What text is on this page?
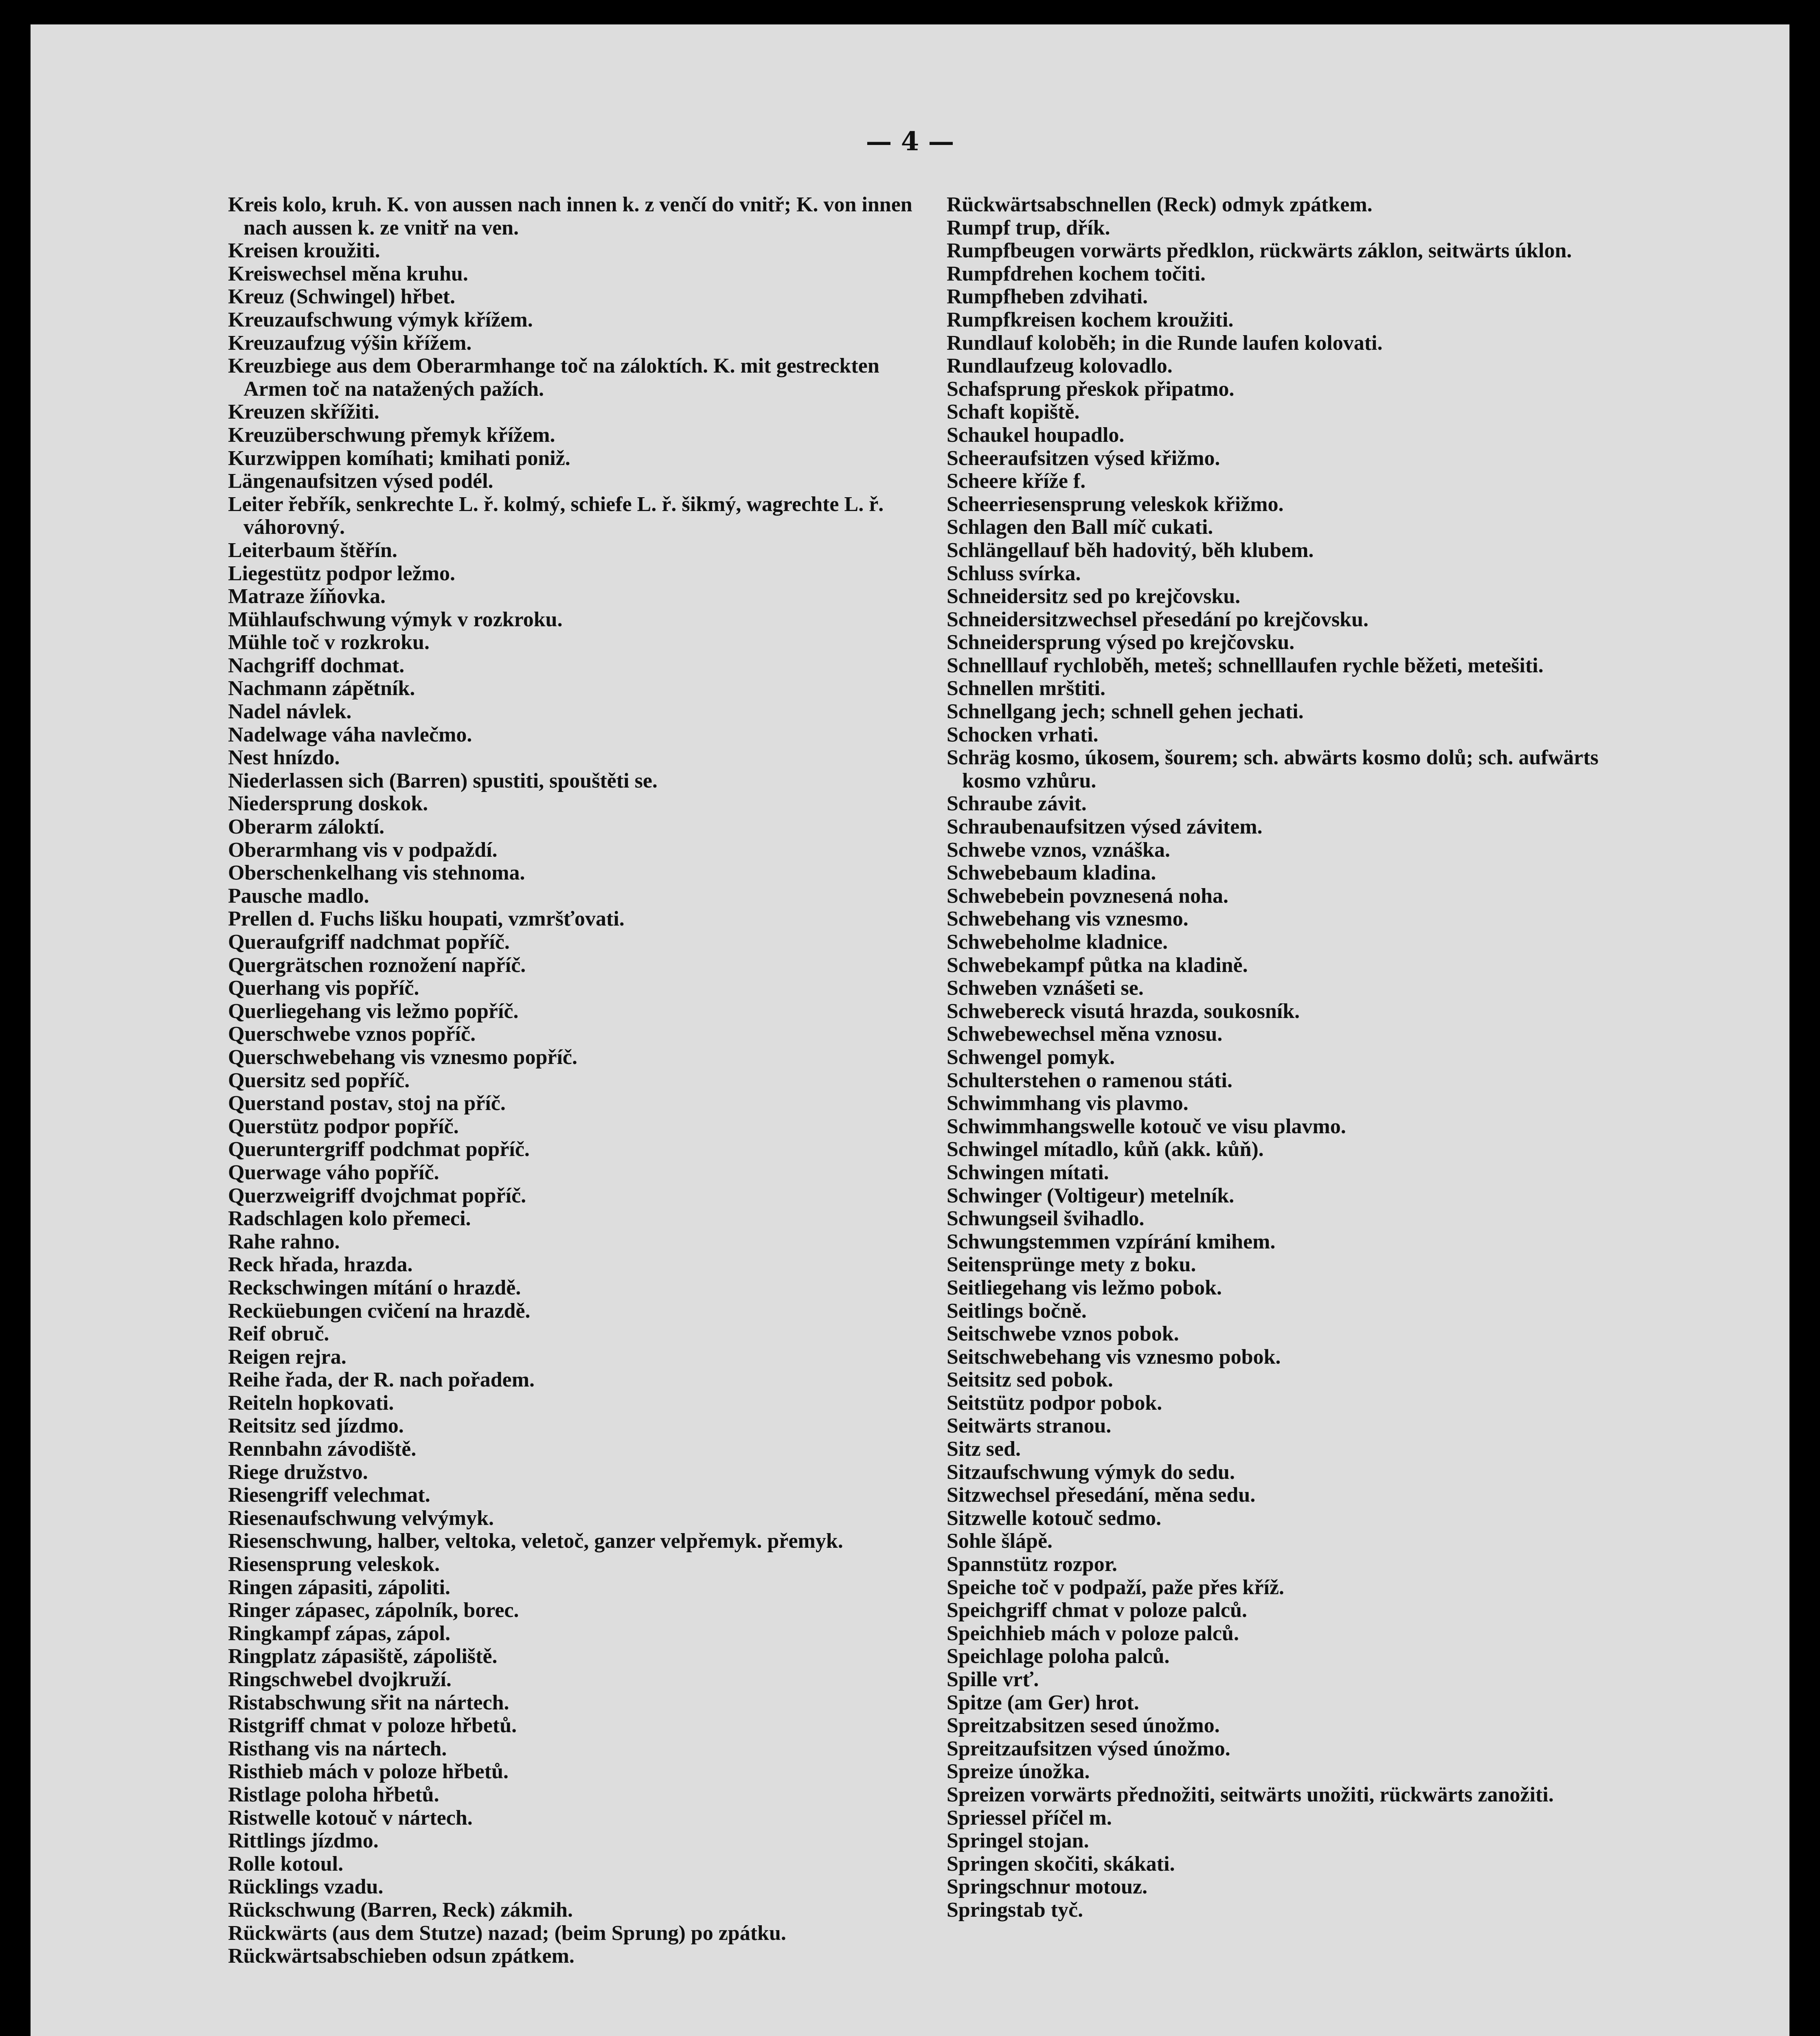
— 4 —
Kreis kolo, kruh. K. von aussen nach innen k. z venčí do vnitř; K. von innen nach aussen k. ze vnitř na ven.
Kreisen kroužiti.
Kreiswechsel měna kruhu.
Kreuz (Schwingel) hřbet.
Kreuzaufschwung výmyk křížem.
Kreuzaufzug výšin křížem.
Kreuzbiege aus dem Oberarmhange toč na záloktích. K. mit gestreckten Armen toč na natažených pažích.
Kreuzen skřížiti.
Kreuzüberschwung přemyk křížem.
Kurzwippen komíhati; kmihati poniž.
Längenaufsitzen výsed podél.
Leiter řebřík, senkrechte L. ř. kolmý, schiefe L. ř. šikmý, wagrechte L. ř. váhorovný.
Leiterbaum štěřín.
Liegestütz podpor ležmo.
Matraze žíňovka.
Mühlaufschwung výmyk v rozkroku.
Mühle toč v rozkroku.
Nachgriff dochmat.
Nachmann zápětník.
Nadel návlek.
Nadelwage váha navlečmo.
Nest hnízdo.
Niederlassen sich (Barren) spustiti, spouštěti se.
Niedersprung doskok.
Oberarm záloktí.
Oberarmhang vis v podpaždí.
Oberschenkelhang vis stehnoma.
Pausche madlo.
Prellen d. Fuchs lišku houpati, vzmršťovati.
Queraufgriff nadchmat popříč.
Quergrätschen roznožení napříč.
Querhang vis popříč.
Querliegehang vis ležmo popříč.
Querschwebe vznos popříč.
Querschwebehang vis vznesmo popříč.
Quersitz sed popříč.
Querstand postav, stoj na příč.
Querstütz podpor popříč.
Queruntergriff podchmat popříč.
Querwage váho popříč.
Querzweigriff dvojchmat popříč.
Radschlagen kolo přemeci.
Rahe rahno.
Reck hřada, hrazda.
Reckschwingen mítání o hrazdě.
Recküebungen cvičení na hrazdě.
Reif obruč.
Reigen rejra.
Reihe řada, der R. nach pořadem.
Reiteln hopkovati.
Reitsitz sed jízdmo.
Rennbahn závodiště.
Riege družstvo.
Riesengriff velechmat.
Riesenaufschwung velvýmyk.
Riesenschwung, halber, veltoka, veletoč, ganzer velpřemyk. přemyk.
Riesensprung veleskok.
Ringen zápasiti, zápoliti.
Ringer zápasec, zápolník, borec.
Ringkampf zápas, zápol.
Ringplatz zápasiště, zápoliště.
Ringschwebel dvojkruží.
Ristabschwung sřit na nártech.
Ristgriff chmat v poloze hřbetů.
Risthang vis na nártech.
Risthieb mách v poloze hřbetů.
Ristlage poloha hřbetů.
Ristwelle kotouč v nártech.
Rittlings jízdmo.
Rolle kotoul.
Rücklings vzadu.
Rückschwung (Barren, Reck) zákmih.
Rückwärts (aus dem Stutze) nazad; (beim Sprung) po zpátku.
Rückwärtsabschieben odsun zpátkem.
Rückwärtsabschnellen (Reck) odmyk zpátkem.
Rumpf trup, dřík.
Rumpfbeugen vorwärts předklon, rückwärts záklon, seitwärts úklon.
Rumpfdrehen kochem točiti.
Rumpfheben zdvihati.
Rumpfkreisen kochem kroužiti.
Rundlauf koloběh; in die Runde laufen kolovati.
Rundlaufzeug kolovadlo.
Schafsprung přeskok připatmo.
Schaft kopiště.
Schaukel houpadlo.
Scheeraufsitzen výsed křižmo.
Scheere kříže f.
Scheerriesensprung veleskok křižmo.
Schlagen den Ball míč cukati.
Schlängellauf běh hadovitý, běh klubem.
Schluss svírka.
Schneidersitz sed po krejčovsku.
Schneidersitzwechsel přesedání po krejčovsku.
Schneidersprung výsed po krejčovsku.
Schnelllauf rychloběh, meteš; schnelllaufen rychle běžeti, metešiti.
Schnellen mrštiti.
Schnellgang jech; schnell gehen jechati.
Schocken vrhati.
Schräg kosmo, úkosem, šourem; sch. abwärts kosmo dolů; sch. aufwärts kosmo vzhůru.
Schraube závit.
Schraubenaufsitzen výsed závitem.
Schwebe vznos, vznáška.
Schwebebaum kladina.
Schwebebein povznesená noha.
Schwebehang vis vznesmo.
Schwebeholme kladnice.
Schwebekampf půtka na kladině.
Schweben vznášeti se.
Schwebereck visutá hrazda, soukosník.
Schwebewechsel měna vznosu.
Schwengel pomyk.
Schulterstehen o ramenou státi.
Schwimmhang vis plavmo.
Schwimmhangswelle kotouč ve visu plavmo.
Schwingel mítadlo, kůň (akk. kůň).
Schwingen mítati.
Schwinger (Voltigeur) metelník.
Schwungseil švihadlo.
Schwungstemmen vzpírání kmihem.
Seitensprünge mety z boku.
Seitliegehang vis ležmo pobok.
Seitlings bočně.
Seitschwebe vznos pobok.
Seitschwebehang vis vznesmo pobok.
Seitsitz sed pobok.
Seitstütz podpor pobok.
Seitwärts stranou.
Sitz sed.
Sitzaufschwung výmyk do sedu.
Sitzwechsel přesedání, měna sedu.
Sitzwelle kotouč sedmo.
Sohle šlápě.
Spannstütz rozpor.
Speiche toč v podpaží, paže přes kříž.
Speichgriff chmat v poloze palců.
Speichhieb mách v poloze palců.
Speichlage poloha palců.
Spille vrť.
Spitze (am Ger) hrot.
Spreitzabsitzen sesed únožmo.
Spreitzaufsitzen výsed únožmo.
Spreize únožka.
Spreizen vorwärts přednožiti, seitwärts unožiti, rückwärts zanožiti.
Spriessel příčel m.
Springel stojan.
Springen skočiti, skákati.
Springschnur motouz.
Springstab tyč.
